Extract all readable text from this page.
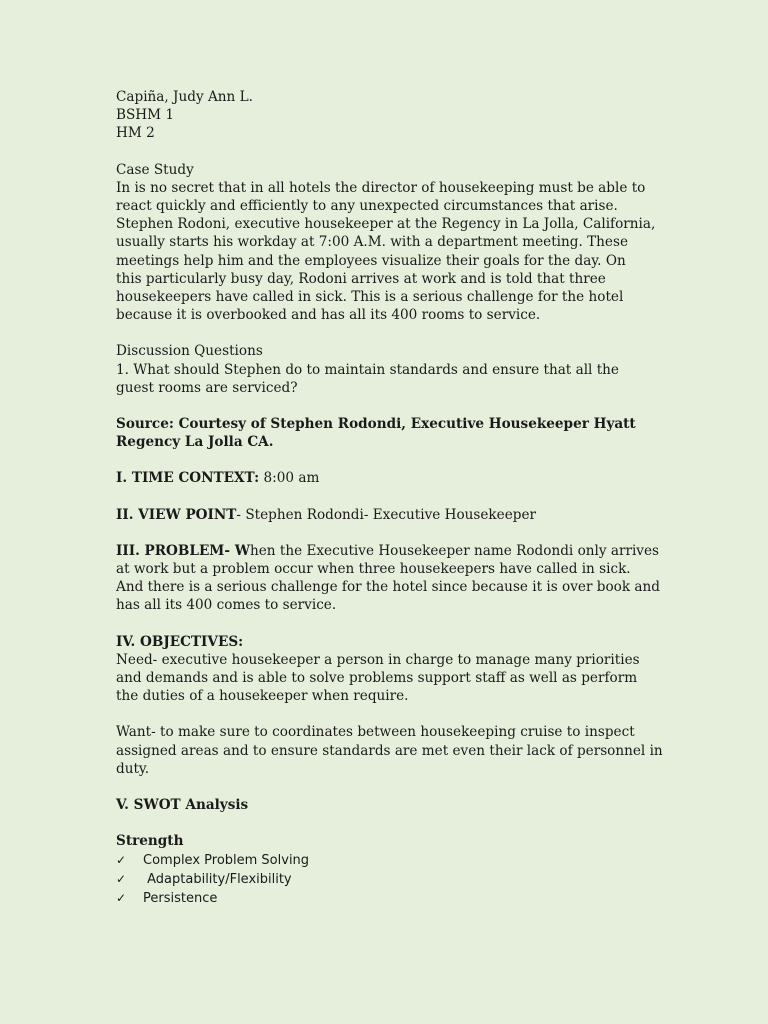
Capiña, Judy Ann L.
BSHM 1
HM 2
Case Study
In is no secret that in all hotels the director of housekeeping must be able to
react quickly and efficiently to any unexpected circumstances that arise.
Stephen Rodoni, executive housekeeper at the Regency in La Jolla, California,
usually starts his workday at 7:00 A.M. with a department meeting. These
meetings help him and the employees visualize their goals for the day. On
this particularly busy day, Rodoni arrives at work and is told that three
housekeepers have called in sick. This is a serious challenge for the hotel
because it is overbooked and has all its 400 rooms to service.
Discussion Questions
1. What should Stephen do to maintain standards and ensure that all the
guest rooms are serviced?
Source: Courtesy of Stephen Rodondi, Executive Housekeeper Hyatt
Regency La Jolla CA.
I. TIME CONTEXT: 8:00 am
II. VIEW POINT- Stephen Rodondi- Executive Housekeeper
III. PROBLEM- When the Executive Housekeeper name Rodondi only arrives
at work but a problem occur when three housekeepers have called in sick.
And there is a serious challenge for the hotel since because it is over book and
has all its 400 comes to service.
IV. OBJECTIVES:
Need- executive housekeeper a person in charge to manage many priorities
and demands and is able to solve problems support staff as well as perform
the duties of a housekeeper when require.
Want- to make sure to coordinates between housekeeping cruise to inspect
assigned areas and to ensure standards are met even their lack of personnel in
duty.
V. SWOT Analysis
Strength
✓ Complex Problem Solving
✓ Adaptability/Flexibility
✓ Persistence
